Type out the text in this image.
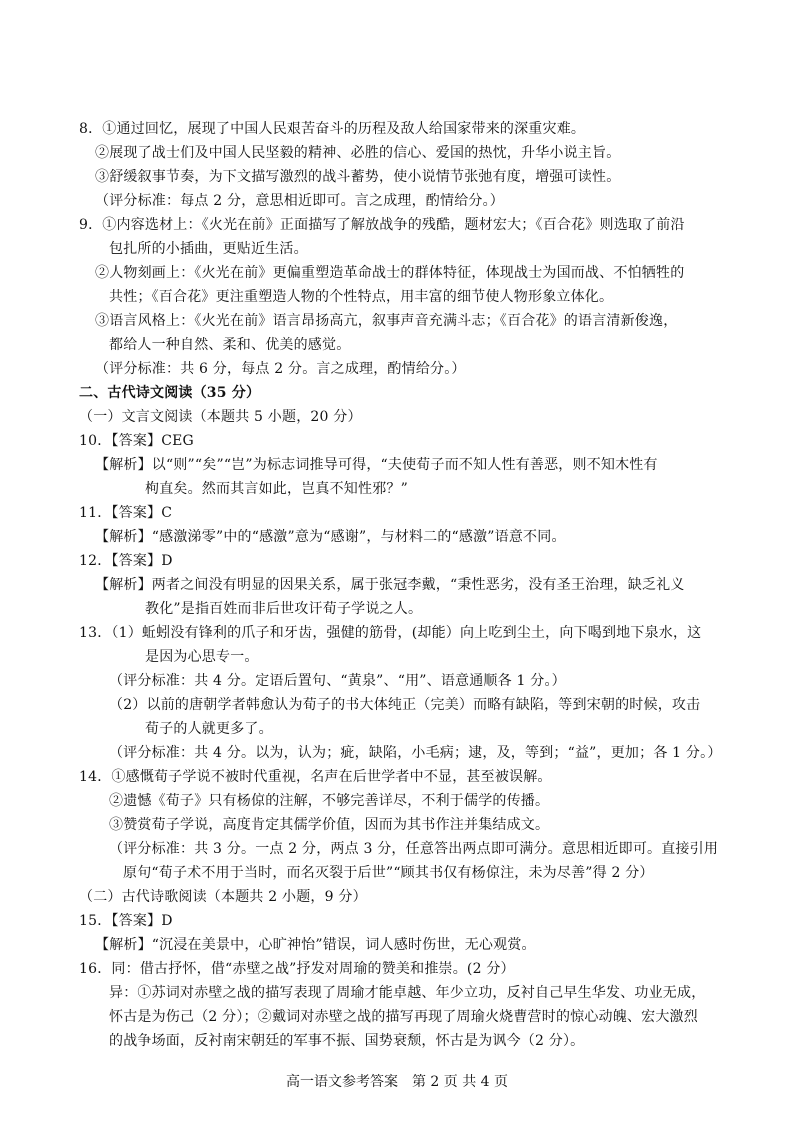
8．①通过回忆，展现了中国人民艰苦奋斗的历程及敌人给国家带来的深重灾难。
②展现了战士们及中国人民坚毅的精神、必胜的信心、爱国的热忱，升华小说主旨。
③舒缓叙事节奏，为下文描写激烈的战斗蓄势，使小说情节张弛有度，增强可读性。
（评分标准：每点 2 分，意思相近即可。言之成理，酌情给分。）
9．①内容选材上：《火光在前》正面描写了解放战争的残酷，题材宏大；《百合花》则选取了前沿
包扎所的小插曲，更贴近生活。
②人物刻画上：《火光在前》更偏重塑造革命战士的群体特征，体现战士为国而战、不怕牺牲的
共性；《百合花》更注重塑造人物的个性特点，用丰富的细节使人物形象立体化。
③语言风格上：《火光在前》语言昂扬高亢，叙事声音充满斗志；《百合花》的语言清新俊逸，
都给人一种自然、柔和、优美的感觉。
（评分标准：共 6 分，每点 2 分。言之成理，酌情给分。）
二、古代诗文阅读（35 分）
（一）文言文阅读（本题共 5 小题，20 分）
10．【答案】CEG
【解析】以“则”“矣”“岂”为标志词推导可得，“夫使荀子而不知人性有善恶，则不知木性有
枸直矣。然而其言如此，岂真不知性邪？”
11．【答案】C
【解析】“感激涕零”中的“感激”意为“感谢”，与材料二的“感激”语意不同。
12．【答案】D
【解析】两者之间没有明显的因果关系，属于张冠李戴，“秉性恶劣，没有圣王治理，缺乏礼义
教化”是指百姓而非后世攻讦荀子学说之人。
13．（1）蚯蚓没有锋利的爪子和牙齿，强健的筋骨，(却能）向上吃到尘土，向下喝到地下泉水，这
是因为心思专一。
（评分标准：共 4 分。定语后置句、“黄泉”、“用”、语意通顺各 1 分。）
（2）以前的唐朝学者韩愈认为荀子的书大体纯正（完美）而略有缺陷，等到宋朝的时候，攻击
荀子的人就更多了。
（评分标准：共 4 分。以为，认为；疵，缺陷，小毛病；逮，及，等到；“益”，更加；各 1 分。）
14．①感慨荀子学说不被时代重视，名声在后世学者中不显，甚至被误解。
②遗憾《荀子》只有杨倞的注解，不够完善详尽，不利于儒学的传播。
③赞赏荀子学说，高度肯定其儒学价值，因而为其书作注并集结成文。
（评分标准：共 3 分。一点 2 分，两点 3 分，任意答出两点即可满分。意思相近即可。直接引用
原句“荀子术不用于当时，而名灭裂于后世”“顾其书仅有杨倞注，未为尽善”得 2 分）
（二）古代诗歌阅读（本题共 2 小题，9 分）
15．【答案】D
【解析】“沉浸在美景中，心旷神怡”错误，词人感时伤世，无心观赏。
16．同：借古抒怀，借“赤壁之战”抒发对周瑜的赞美和推崇。(2 分）
异：①苏词对赤壁之战的描写表现了周瑜才能卓越、年少立功，反衬自己早生华发、功业无成，
怀古是为伤己（2 分）；②戴词对赤壁之战的描写再现了周瑜火烧曹营时的惊心动魄、宏大激烈
的战争场面，反衬南宋朝廷的军事不振、国势衰颓，怀古是为讽今（2 分）。
高一语文参考答案　第 2 页 共 4 页
